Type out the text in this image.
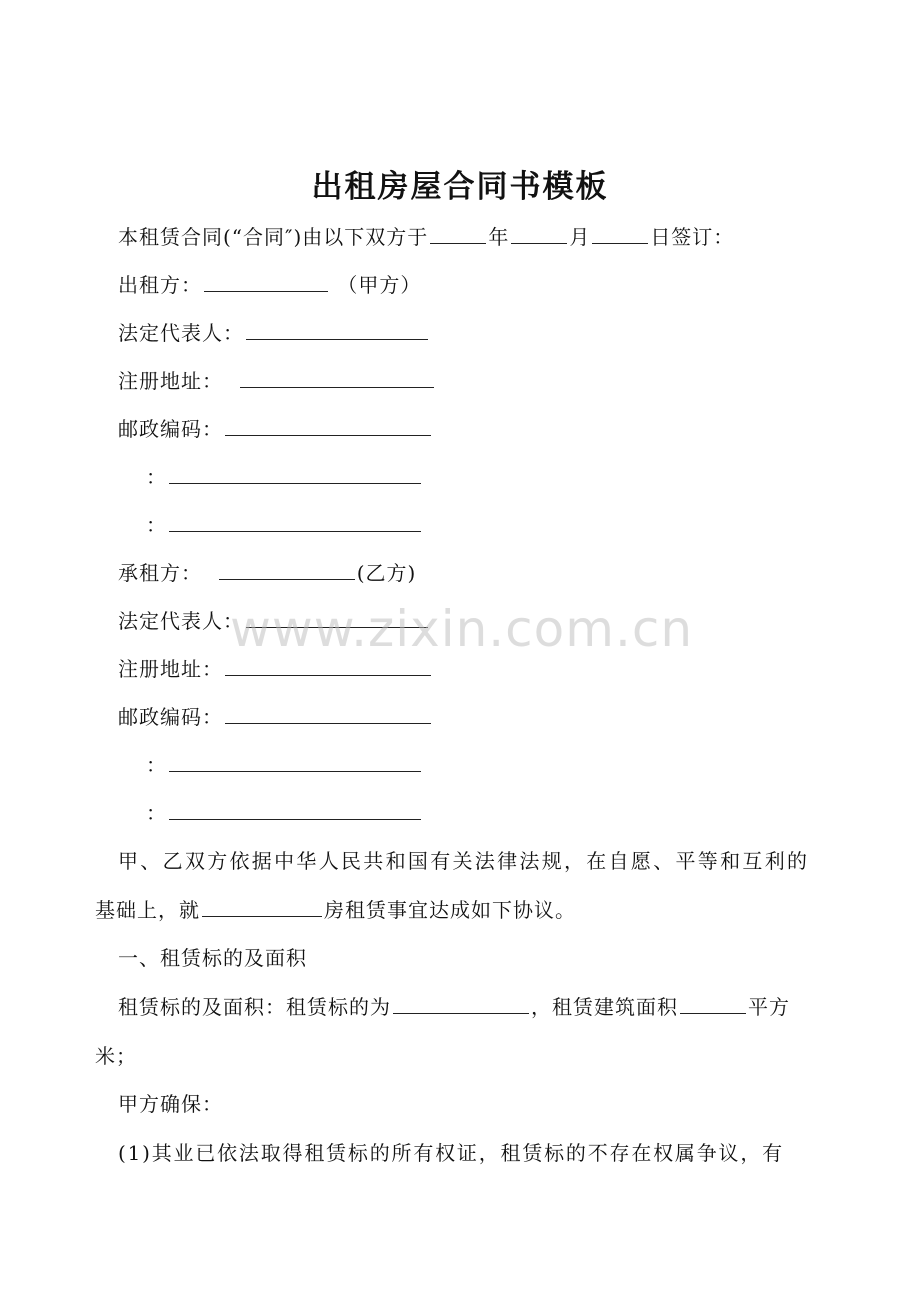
出租房屋合同书模板
本租赁合同(“合同″)由以下双方于	年	月	日签订：
出租方：	（甲方）
法定代表人：
注册地址：
邮政编码：
：
：
承租方：	(乙方)
法定代表人：
注册地址：
邮政编码：
：
：
甲、乙双方依据中华人民共和国有关法律法规，在自愿、平等和互利的
基础上，就	房租赁事宜达成如下协议。
一、租赁标的及面积
租赁标的及面积：租赁标的为	，租赁建筑面积	平方
米；
甲方确保：
(1)其业已依法取得租赁标的所有权证，租赁标的不存在权属争议，有
www.zixin.com.cn
